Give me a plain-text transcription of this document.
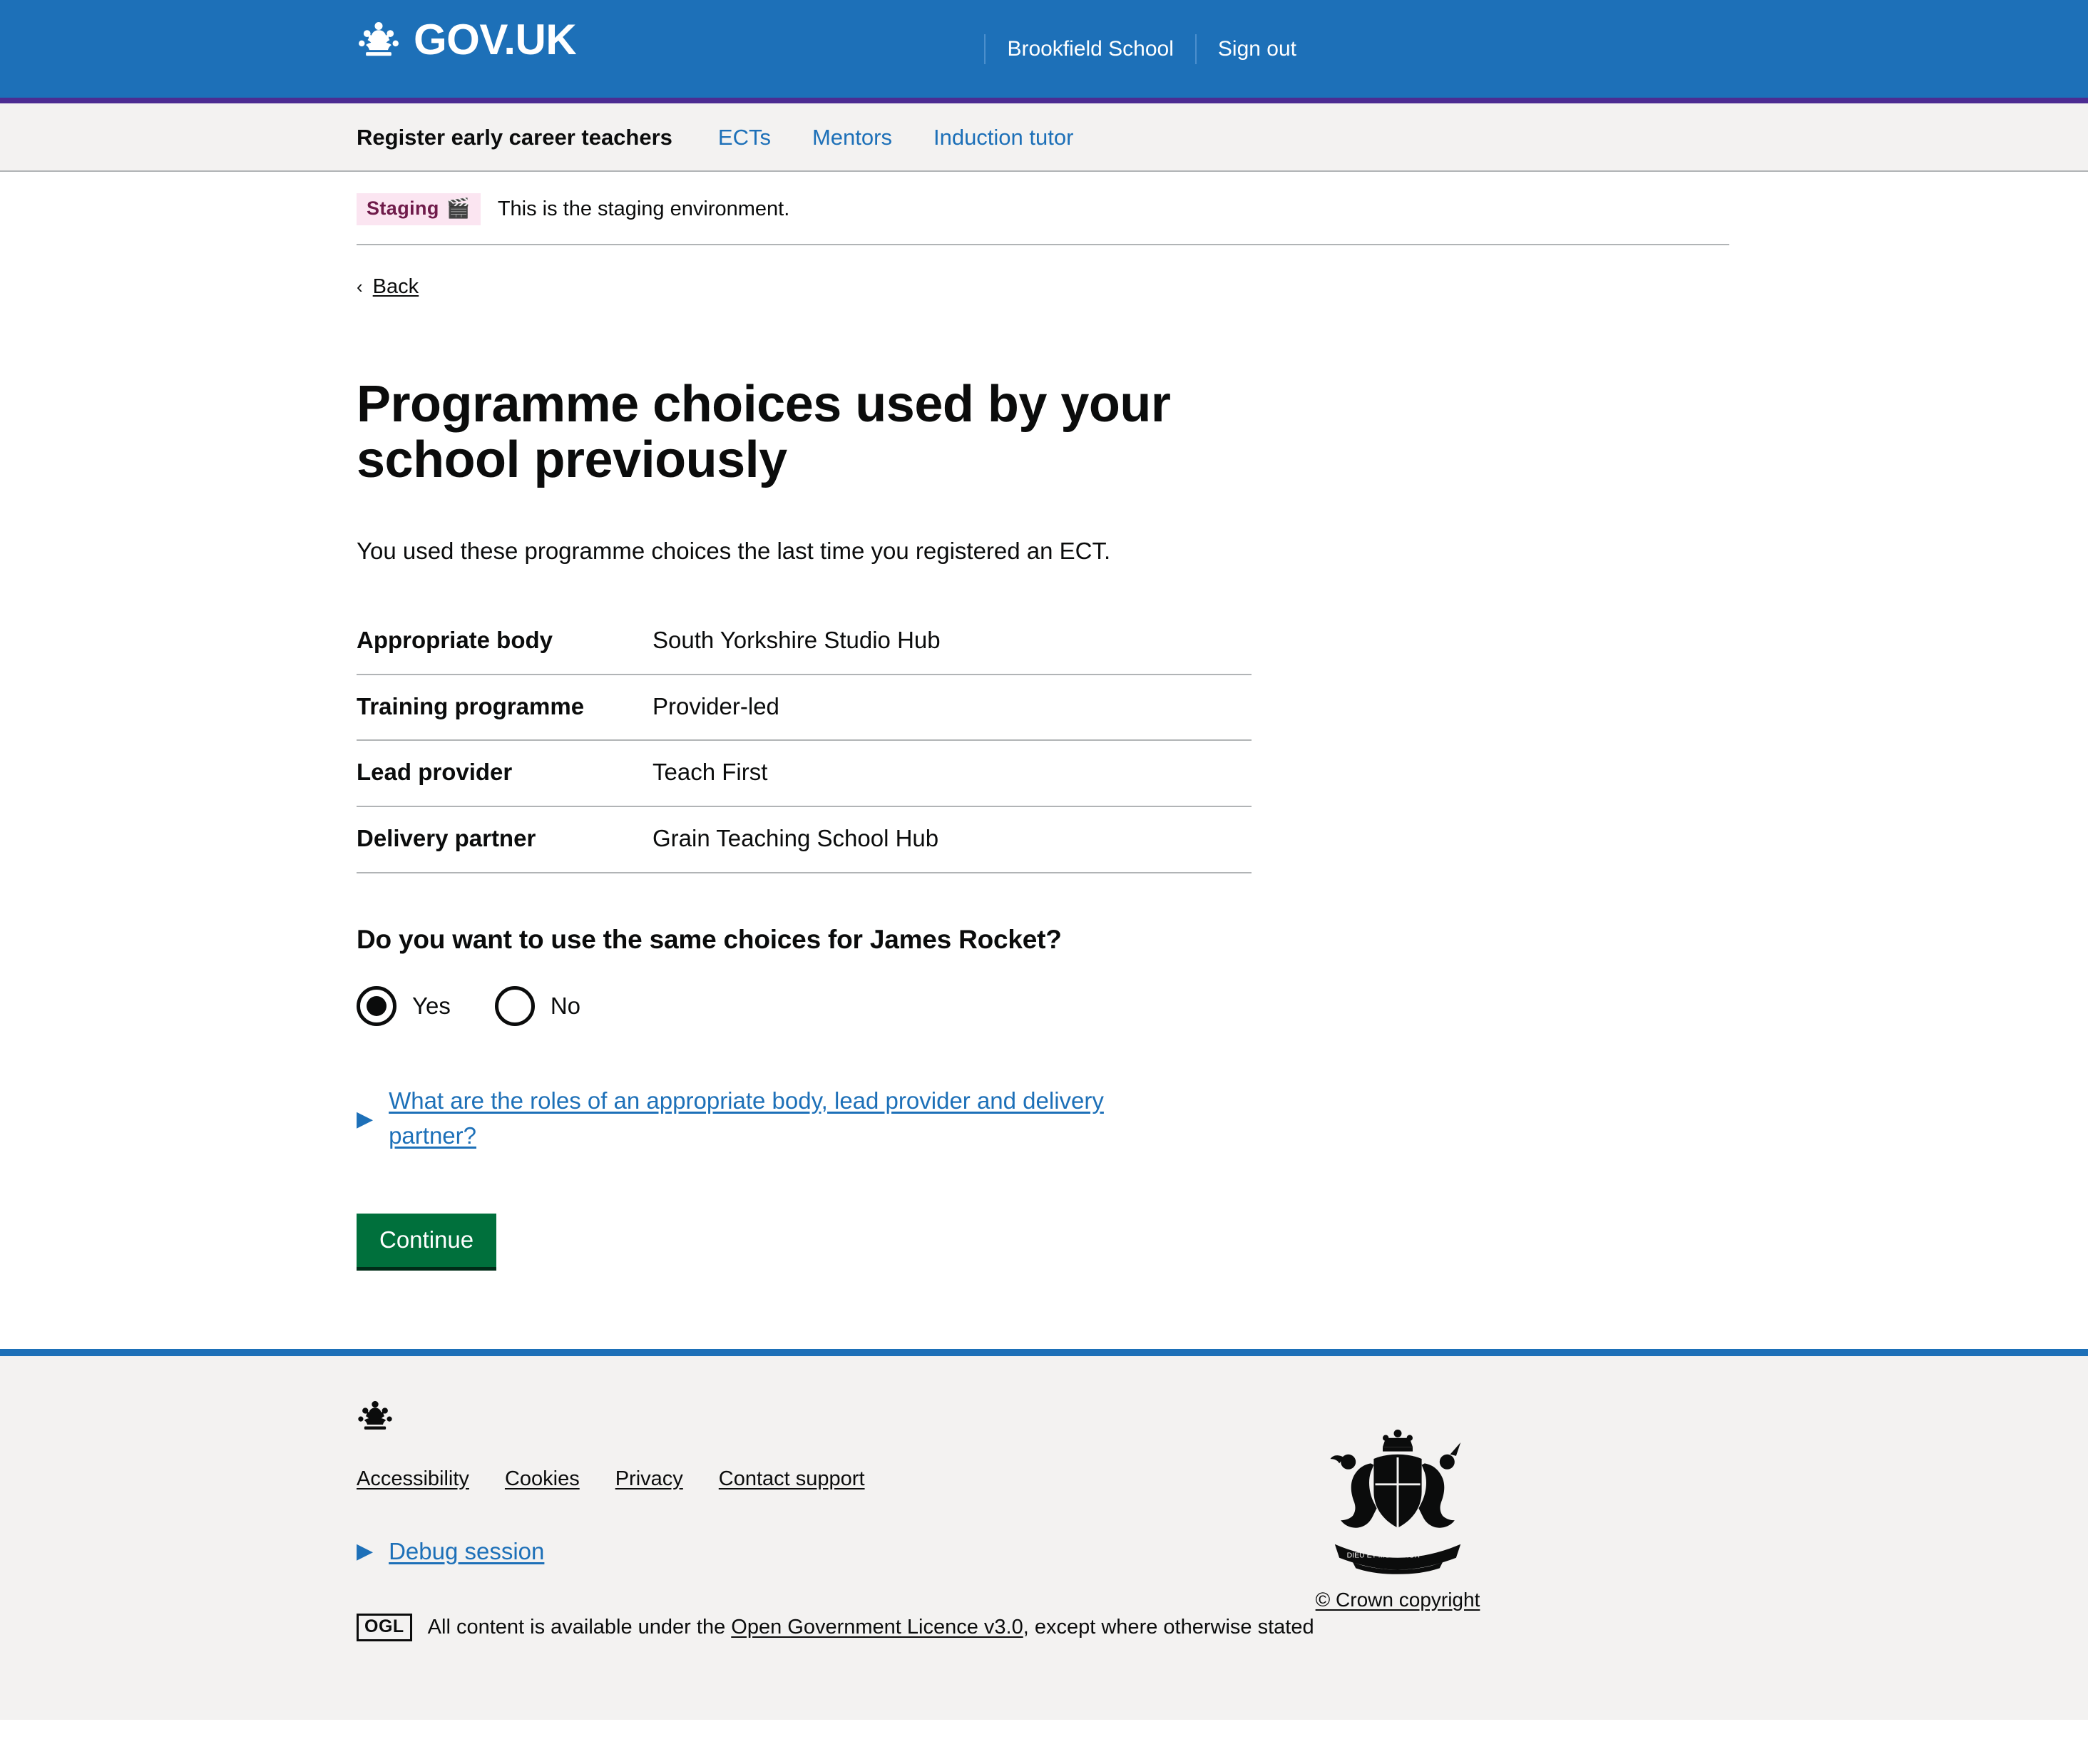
GOV.UK	Brookfield School Sign out
Register early career teachers ECTs Mentors Induction tutor
Staging 🎬 This is the staging environment.
‹ Back
Programme choices used by your school previously

You used these programme choices the last time you registered an ECT.

Appropriate body	South Yorkshire Studio Hub
Training programme	Provider-led
Lead provider	Teach First
Delivery partner	Grain Teaching School Hub
Do you want to use the same choices for James Rocket?
Yes	No
▶
What are the roles of an appropriate body, lead provider and delivery partner?
Continue
Accessibility Cookies Privacy Contact support
▶ Debug session
OGL	All content is available under the Open Government Licence v3.0, except where otherwise stated
DIEU ET MON DROIT
© Crown copyright
